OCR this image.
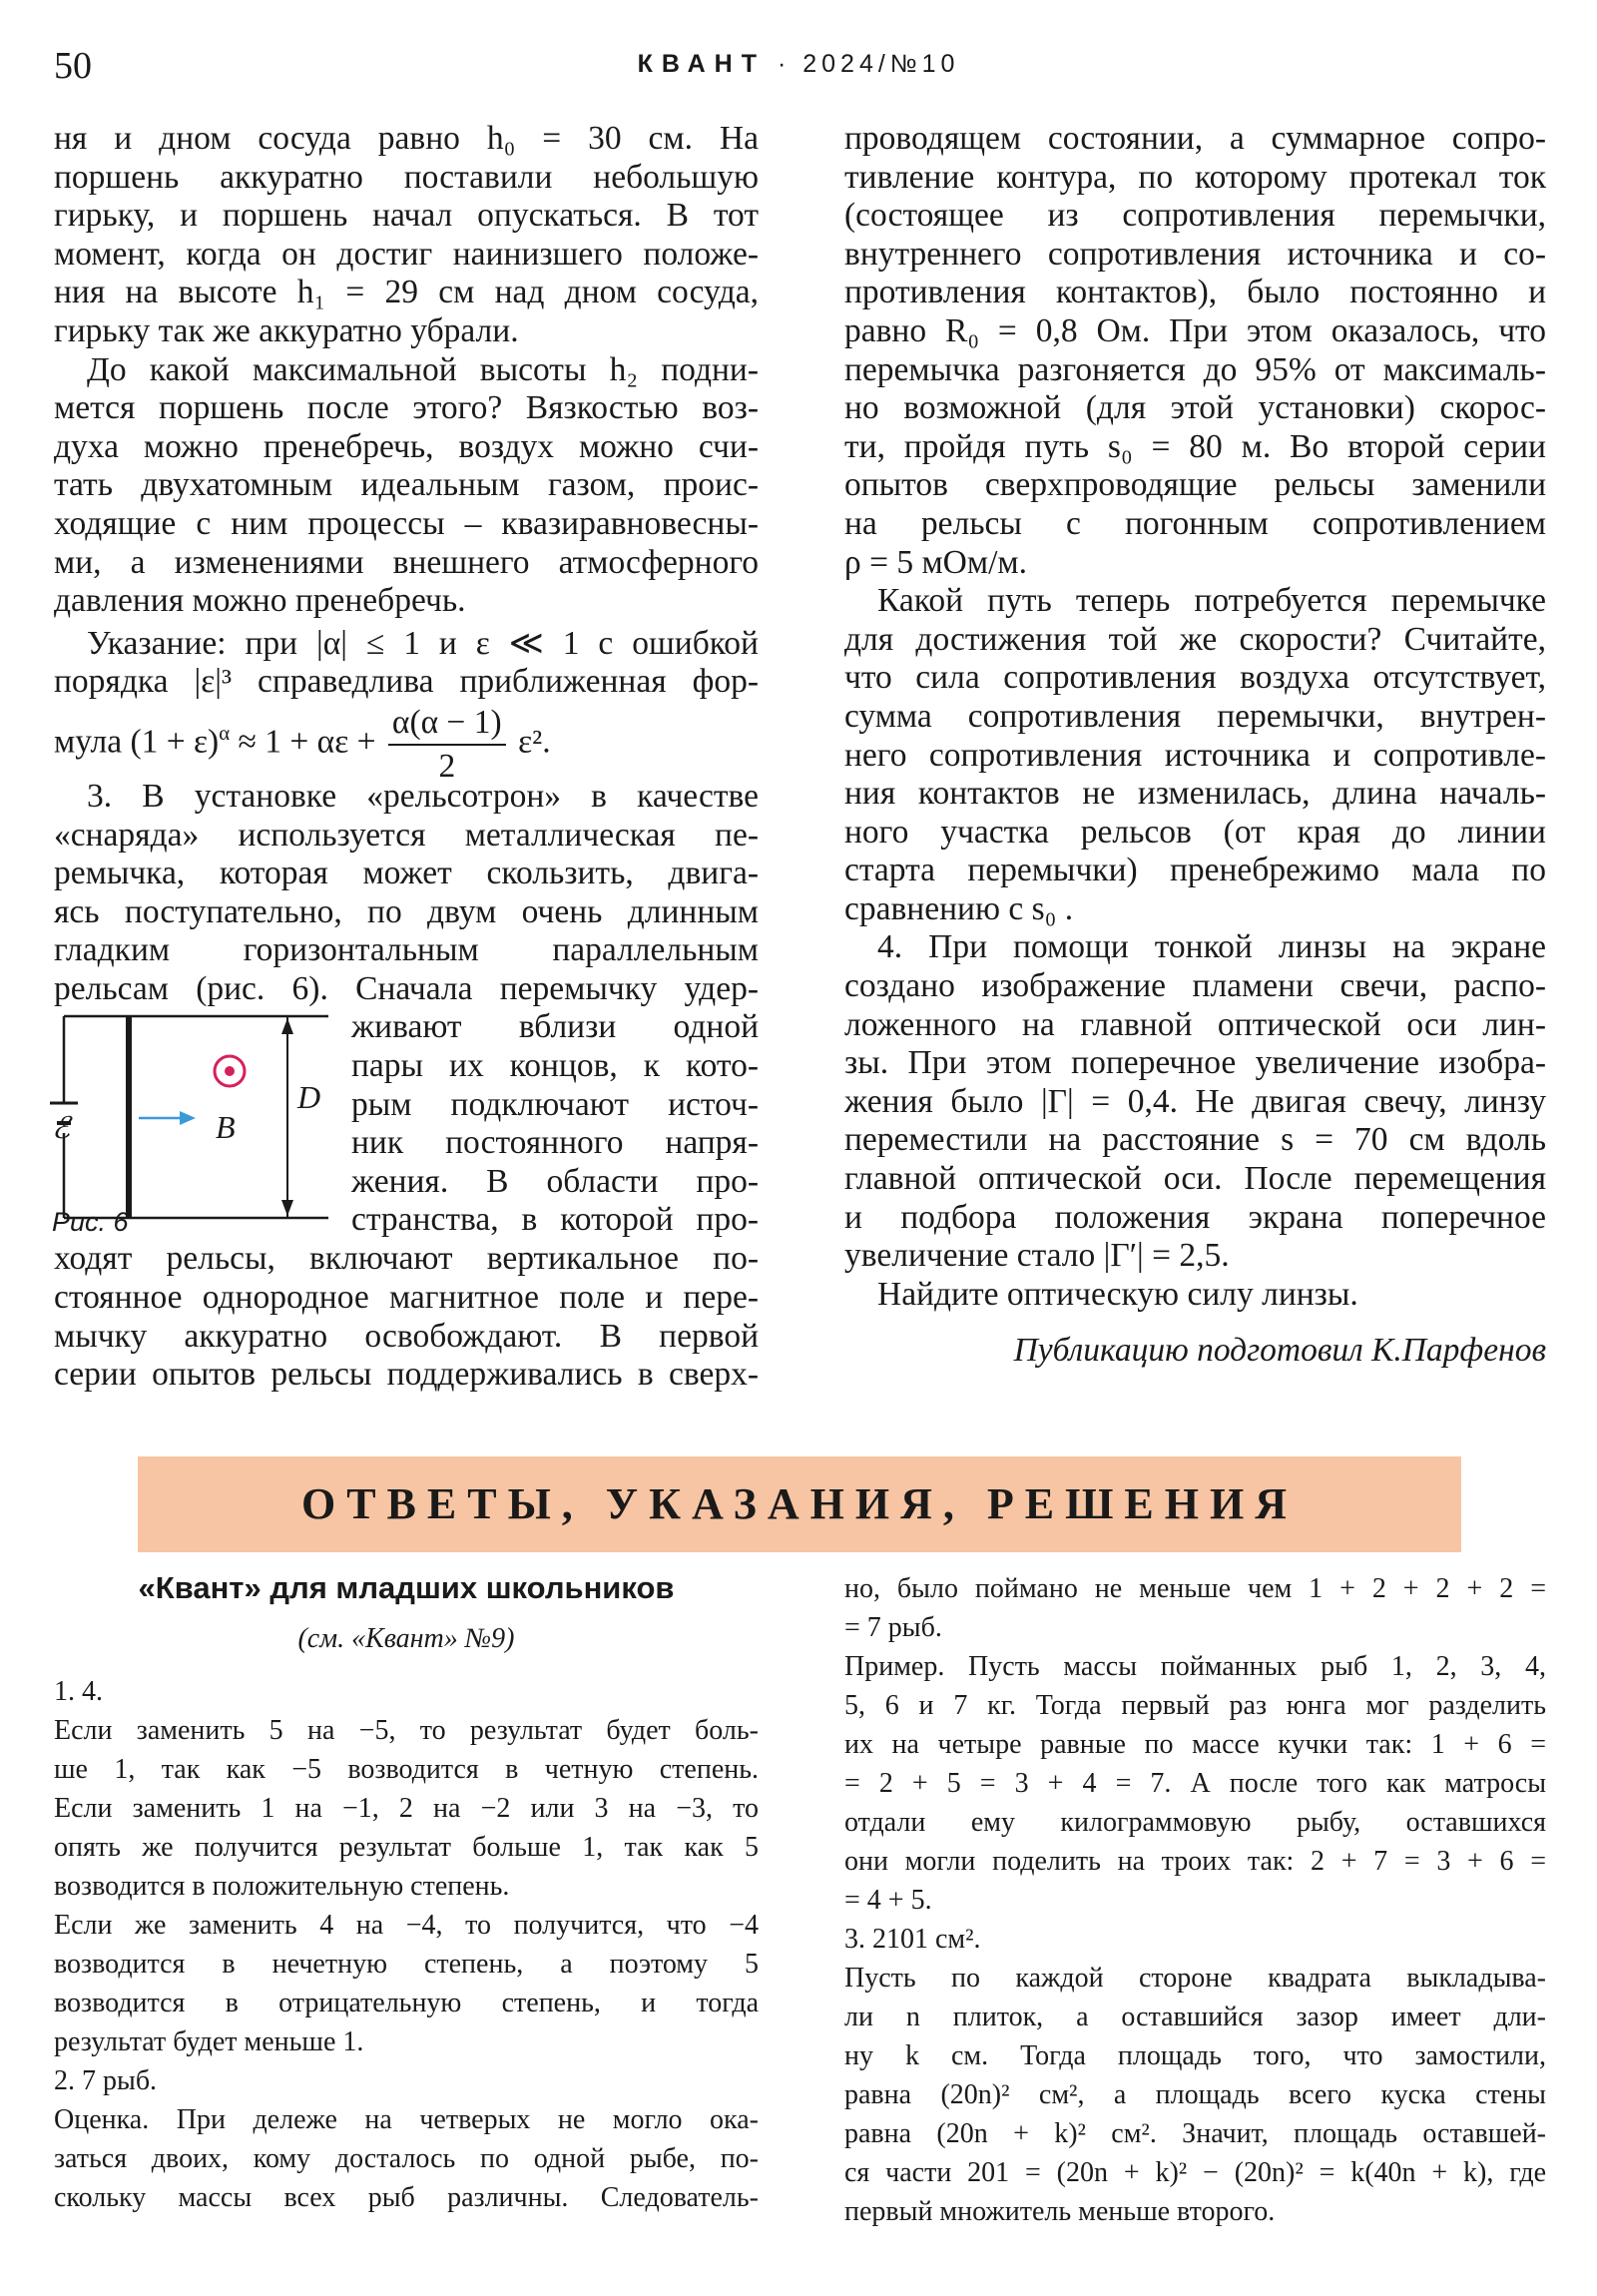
50	КВАНТ · 2024/№10

ня и дном сосуда равно h₀ = 30 см. На

поршень аккуратно поставили небольшую

гирьку, и поршень начал опускаться. В тот

момент, когда он достиг наинизшего положе-

ния на высоте h₁ = 29 см над дном сосуда,

гирьку так же аккуратно убрали.

До какой максимальной высоты h₂ подни-

мется поршень после этого? Вязкостью воз-

духа можно пренебречь, воздух можно счи-

тать двухатомным идеальным газом, проис-

ходящие с ним процессы – квазиравновесны-

ми, а изменениями внешнего атмосферного

давления можно пренебречь.

Указание: при |α| ≤ 1 и ε ≪ 1 с ошибкой

порядка |ε|³ справедлива приближенная фор-

мула $(1 + \varepsilon)^\alpha \approx 1 + \alpha\varepsilon + \frac{\alpha(\alpha - 1)}{2} \varepsilon^2$.

3. В установке «рельсотрон» в качестве

«снаряда» используется металлическая пе-

ремычка, которая может скользить, двига-

ясь поступательно, по двум очень длинным

гладким горизонтальным параллельным

рельсам (рис. 6). Сначала перемычку удер-

B
D
ℰ
Рис. 6

живают вблизи одной

пары их концов, к кото-

рым подключают источ-

ник постоянного напря-

жения. В области про-

странства, в которой про-

ходят рельсы, включают вертикальное по-

стоянное однородное магнитное поле и пере-

мычку аккуратно освобождают. В первой

серии опытов рельсы поддерживались в сверх-

проводящем состоянии, а суммарное сопро-

тивление контура, по которому протекал ток

(состоящее из сопротивления перемычки,

внутреннего сопротивления источника и со-

противления контактов), было постоянно и

равно R₀ = 0,8 Ом. При этом оказалось, что

перемычка разгоняется до 95% от максималь-

но возможной (для этой установки) скорос-

ти, пройдя путь s₀ = 80 м. Во второй серии

опытов сверхпроводящие рельсы заменили

на рельсы с погонным сопротивлением

ρ = 5 мОм/м.

Какой путь теперь потребуется перемычке

для достижения той же скорости? Считайте,

что сила сопротивления воздуха отсутствует,

сумма сопротивления перемычки, внутрен-

него сопротивления источника и сопротивле-

ния контактов не изменилась, длина началь-

ного участка рельсов (от края до линии

старта перемычки) пренебрежимо мала по

сравнению с s₀ .

4. При помощи тонкой линзы на экране

создано изображение пламени свечи, распо-

ложенного на главной оптической оси лин-

зы. При этом поперечное увеличение изобра-

жения было |Γ| = 0,4. Не двигая свечу, линзу

переместили на расстояние s = 70 см вдоль

главной оптической оси. После перемещения

и подбора положения экрана поперечное

увеличение стало |Γ′| = 2,5.

Найдите оптическую силу линзы.

Публикацию подготовил К.Парфенов

ОТВЕТЫ, УКАЗАНИЯ, РЕШЕНИЯ

«Квант» для младших школьников

(см. «Квант» №9)

1. 4.

Если заменить 5 на −5, то результат будет боль-

ше 1, так как −5 возводится в четную степень.

Если заменить 1 на −1, 2 на −2 или 3 на −3, то

опять же получится результат больше 1, так как 5

возводится в положительную степень.

Если же заменить 4 на −4, то получится, что −4

возводится в нечетную степень, а поэтому 5

возводится в отрицательную степень, и тогда

результат будет меньше 1.

2. 7 рыб.

Оценка. При дележе на четверых не могло ока-

заться двоих, кому досталось по одной рыбе, по-

скольку массы всех рыб различны. Следователь-

но, было поймано не меньше чем 1 + 2 + 2 + 2 =

= 7 рыб.

Пример. Пусть массы пойманных рыб 1, 2, 3, 4,

5, 6 и 7 кг. Тогда первый раз юнга мог разделить

их на четыре равные по массе кучки так: 1 + 6 =

= 2 + 5 = 3 + 4 = 7. А после того как матросы

отдали ему килограммовую рыбу, оставшихся

они могли поделить на троих так: 2 + 7 = 3 + 6 =

= 4 + 5.

3. 2101 см².

Пусть по каждой стороне квадрата выкладыва-

ли n плиток, а оставшийся зазор имеет дли-

ну k см. Тогда площадь того, что замостили,

равна (20n)² см², а площадь всего куска стены

равна (20n + k)² см². Значит, площадь оставшей-

ся части 201 = (20n + k)² − (20n)² = k(40n + k), где

первый множитель меньше второго.
